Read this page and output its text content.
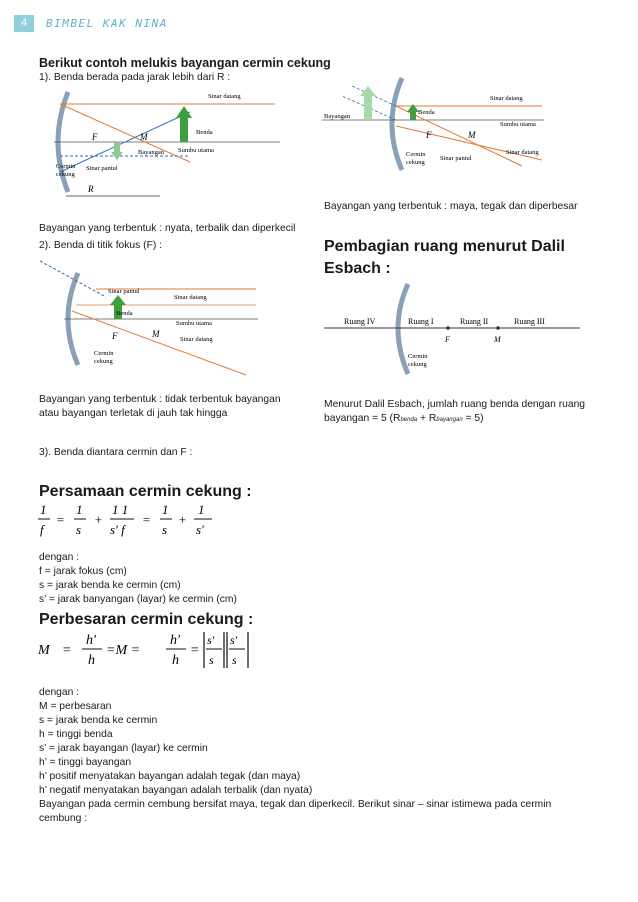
4	BIMBEL KAK NINA
Berikut contoh melukis bayangan cermin cekung
1). Benda berada pada jarak lebih dari R :
F	M
Sinar datang
Benda
Bayangan Sumbu utama
Cermin
cekung
Sinar pantul
R
Bayangan yang terbentuk : nyata, terbalik dan diperkecil
2). Benda di titik fokus (F) :
F	M
Sinar pantul
Sinar datang
Benda
Sumbu utama
Sinar datang
Cermin
cekung
Bayangan yang terbentuk : tidak terbentuk bayangan
atau bayangan terletak di jauh tak hingga
3). Benda diantara cermin dan F :
F	M
Bayangan
Sinar datang
Benda
Sumbu utama
Sinar datang
Cermin
cekung
Sinar pantul
Bayangan yang terbentuk : maya, tegak dan diperbesar
Pembagian ruang menurut Dalil
Esbach :
Ruang IV	Ruang I	Ruang II	Ruang III
F	M
Cermin
cekung
Menurut Dalil Esbach, jumlah ruang benda dengan ruang
bayangan = 5 (Rbenda + Rbayangan = 5)
Persamaan cermin cekung :
1
f
=
1
s
+
1 1
s′ f
=
1
s
+
1
s′
dengan :
f = jarak fokus (cm)
s = jarak benda ke cermin (cm)
s’ = jarak banyangan (layar) ke cermin (cm)
Perbesaran cermin cekung :
M =
h′
h
=M =
h′
h
=
s′
s
s′
s
dengan :
M = perbesaran
s = jarak benda ke cermin
h = tinggi benda
s’ = jarak bayangan (layar) ke cermin
h’ = tinggi bayangan
h’ positif menyatakan bayangan adalah tegak (dan maya)
h’ negatif menyatakan bayangan adalah terbalik (dan nyata)
Bayangan pada cermin cembung bersifat maya, tegak dan diperkecil. Berikut sinar – sinar istimewa pada cermin
cembung :
